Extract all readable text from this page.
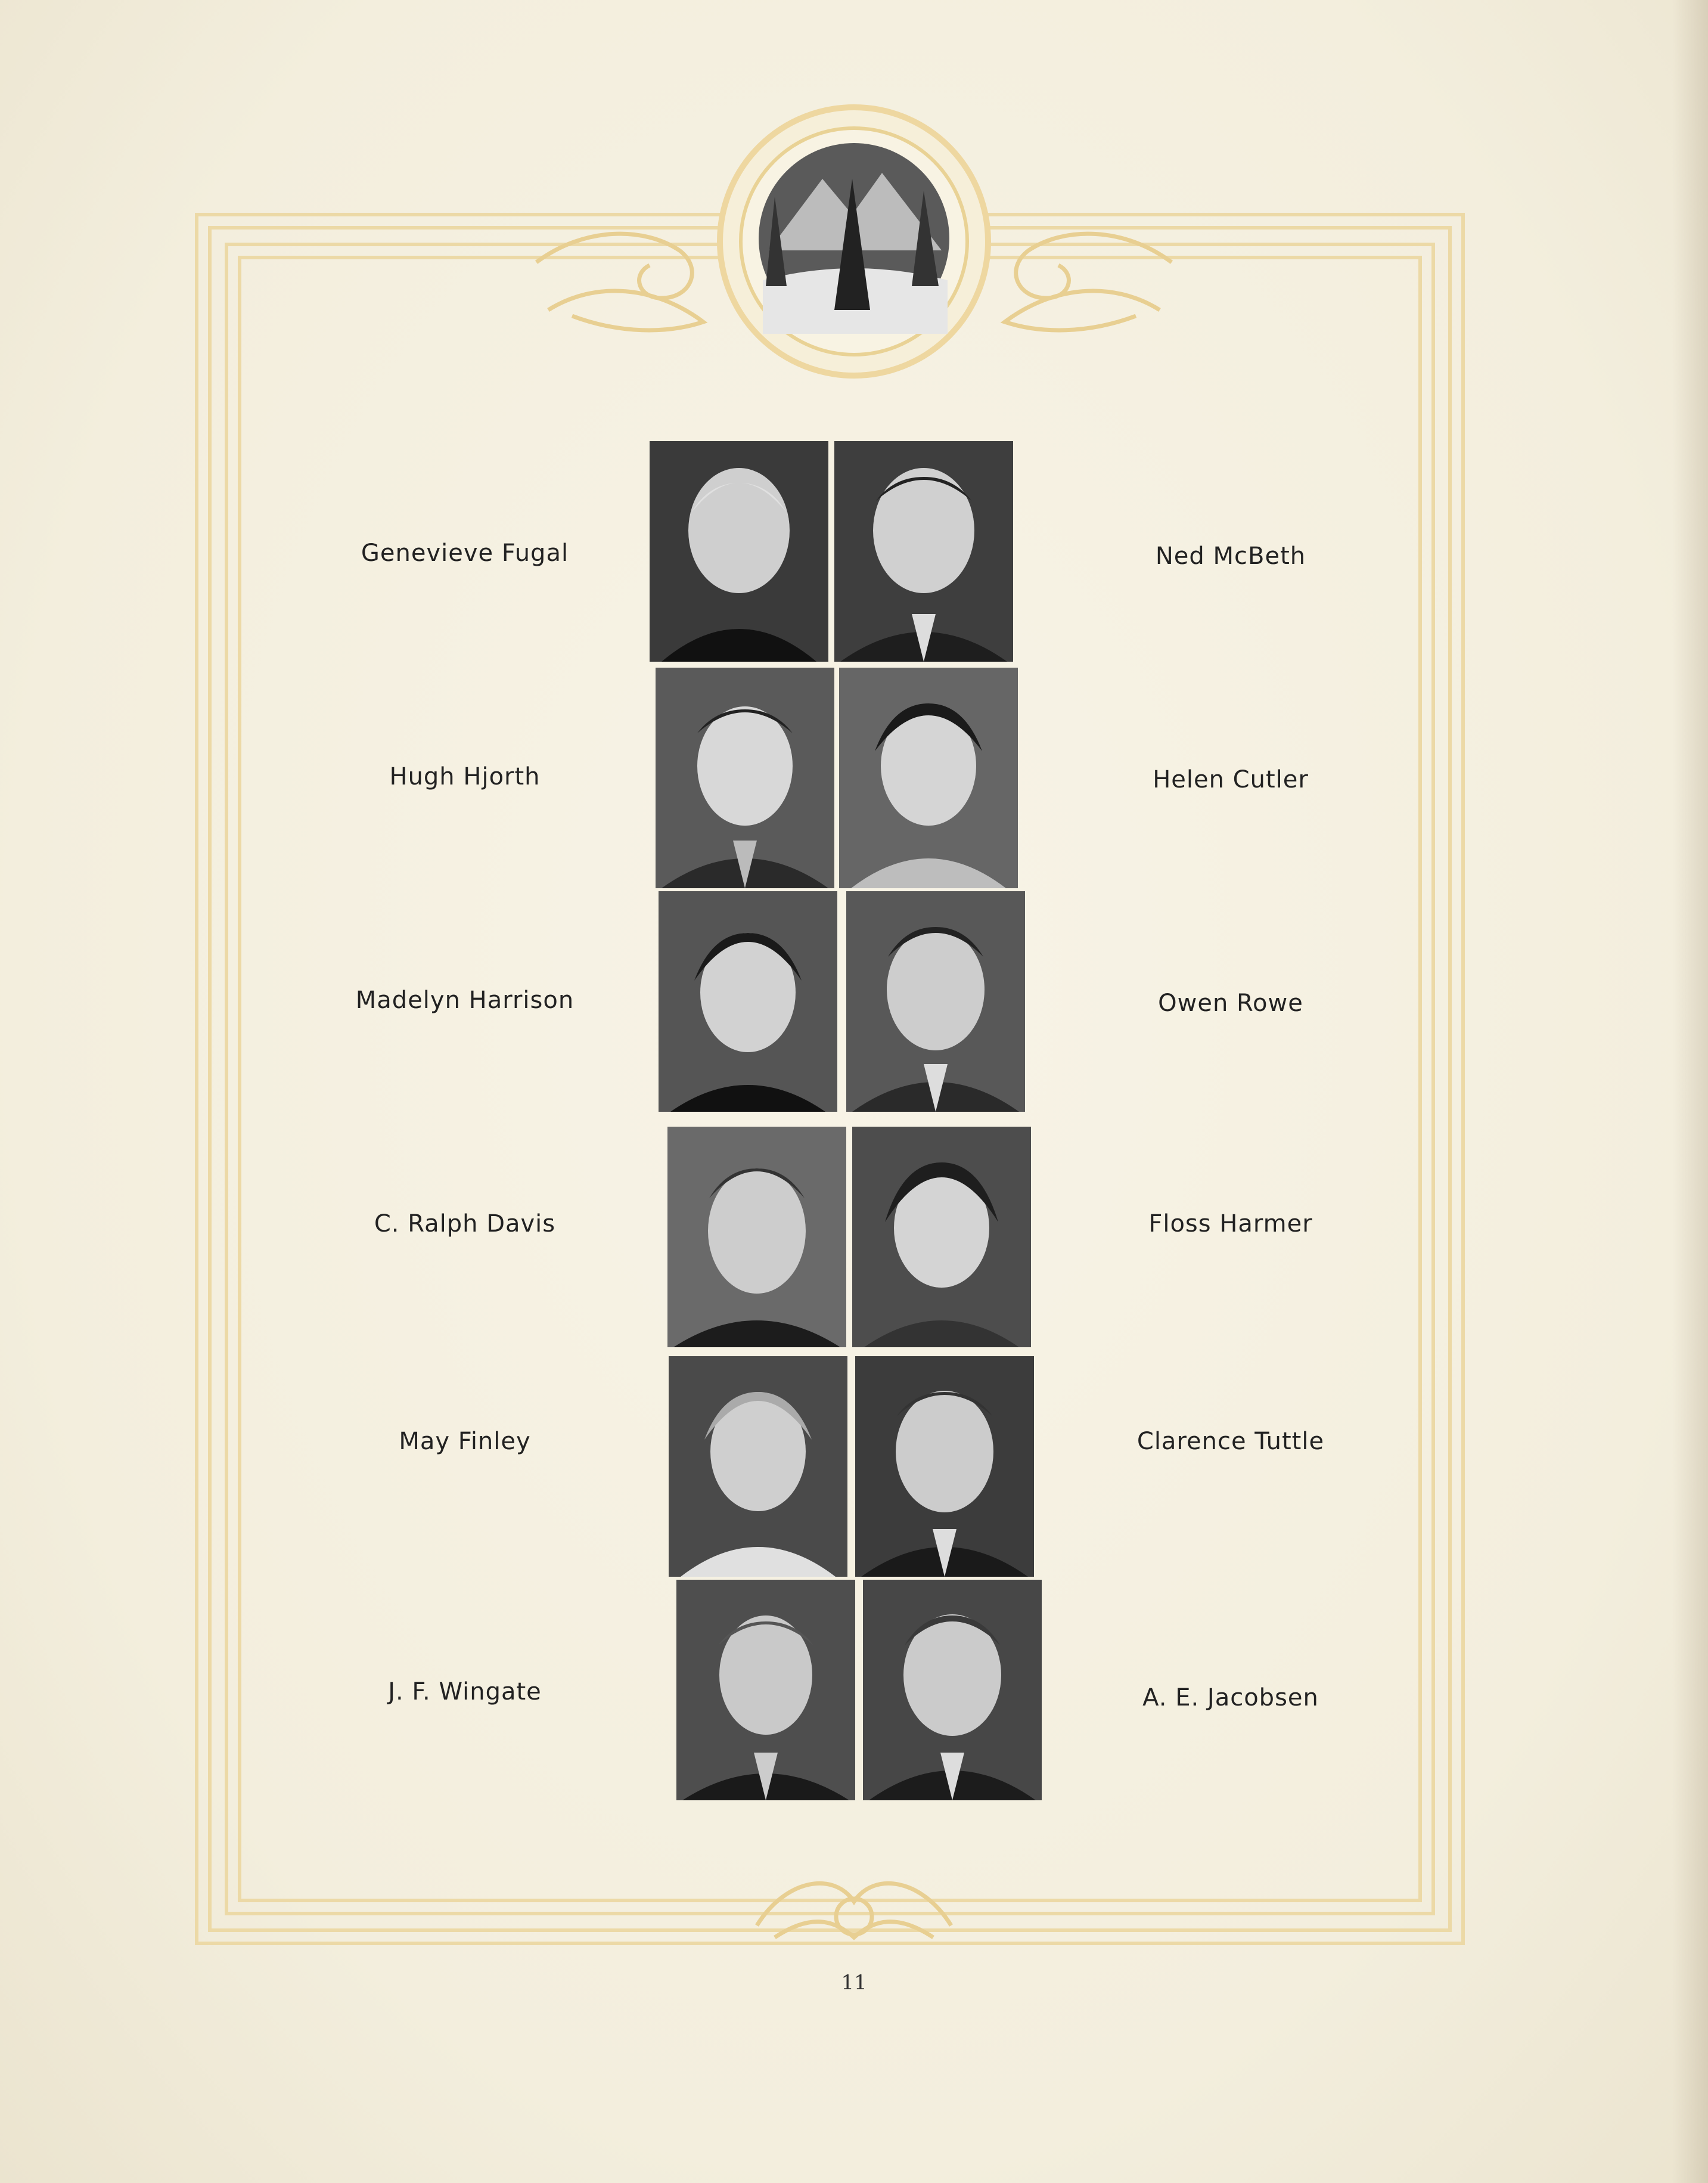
Genevieve Fugal
Hugh Hjorth
Madelyn Harrison
C. Ralph Davis
May Finley
J. F. Wingate
Ned McBeth
Helen Cutler
Owen Rowe
Floss Harmer
Clarence Tuttle
A. E. Jacobsen
11
